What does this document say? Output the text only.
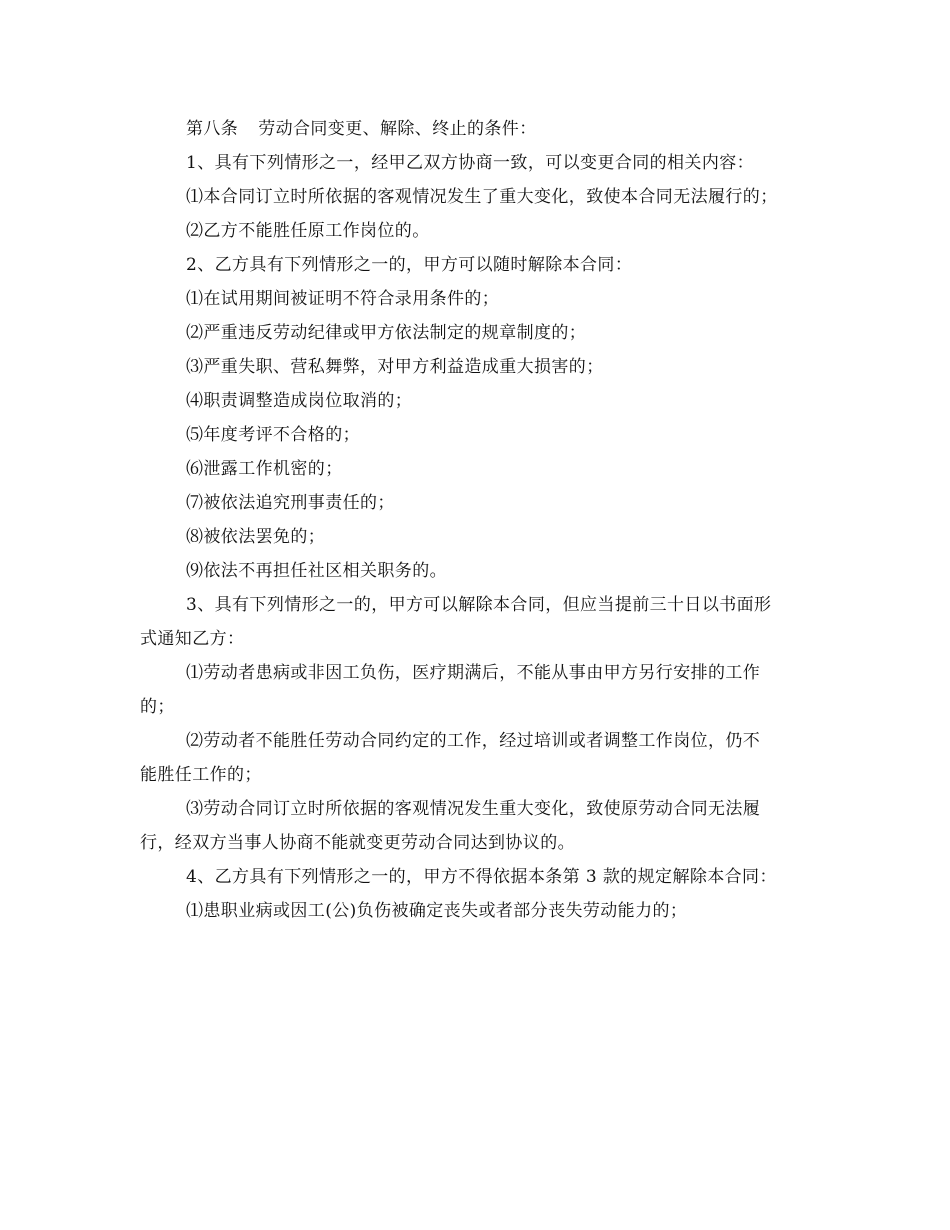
第八条 劳动合同变更、解除、终止的条件：
1、具有下列情形之一，经甲乙双方协商一致，可以变更合同的相关内容：
⑴本合同订立时所依据的客观情况发生了重大变化，致使本合同无法履行的；
⑵乙方不能胜任原工作岗位的。
2、乙方具有下列情形之一的，甲方可以随时解除本合同：
⑴在试用期间被证明不符合录用条件的；
⑵严重违反劳动纪律或甲方依法制定的规章制度的；
⑶严重失职、营私舞弊，对甲方利益造成重大损害的；
⑷职责调整造成岗位取消的；
⑸年度考评不合格的；
⑹泄露工作机密的；
⑺被依法追究刑事责任的；
⑻被依法罢免的；
⑼依法不再担任社区相关职务的。
3、具有下列情形之一的，甲方可以解除本合同，但应当提前三十日以书面形
式通知乙方：
⑴劳动者患病或非因工负伤，医疗期满后，不能从事由甲方另行安排的工作
的；
⑵劳动者不能胜任劳动合同约定的工作，经过培训或者调整工作岗位，仍不
能胜任工作的；
⑶劳动合同订立时所依据的客观情况发生重大变化，致使原劳动合同无法履
行，经双方当事人协商不能就变更劳动合同达到协议的。
4、乙方具有下列情形之一的，甲方不得依据本条第 3 款的规定解除本合同：
⑴患职业病或因工(公)负伤被确定丧失或者部分丧失劳动能力的；
